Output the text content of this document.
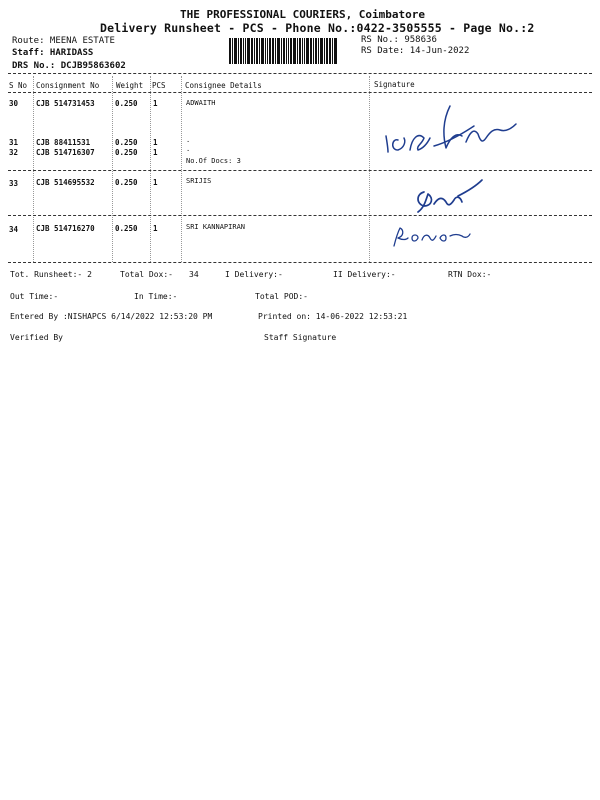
THE PROFESSIONAL COURIERS, Coimbatore
Delivery Runsheet - PCS - Phone No.:0422-3505555 - Page No.:2
Route: MEENA ESTATE
Staff: HARIDASS
DRS No.: DCJB95863602
RS No.: 958636
RS Date: 14-Jun-2022
S No Consignment No Weight PCS	Consignee Details	Signature
30 CJB 514731453	0.250 1	ADWAITH
31 CJB 88411531	0.250 1	.
32 CJB 514716307	0.250 1	.
No.Of Docs: 3
33 CJB 514695532	0.250 1	SRIJIS
34 CJB 514716270	0.250 1	SRI KANNAPIRAN
Tot. Runsheet:- 2	Total Dox:- 34	I Delivery:-	II Delivery:-	RTN Dox:-
Out Time:-	In Time:-	Total POD:-
Entered By :NISHAPCS 6/14/2022 12:53:20 PM	Printed on: 14-06-2022 12:53:21
Verified By	Staff Signature
